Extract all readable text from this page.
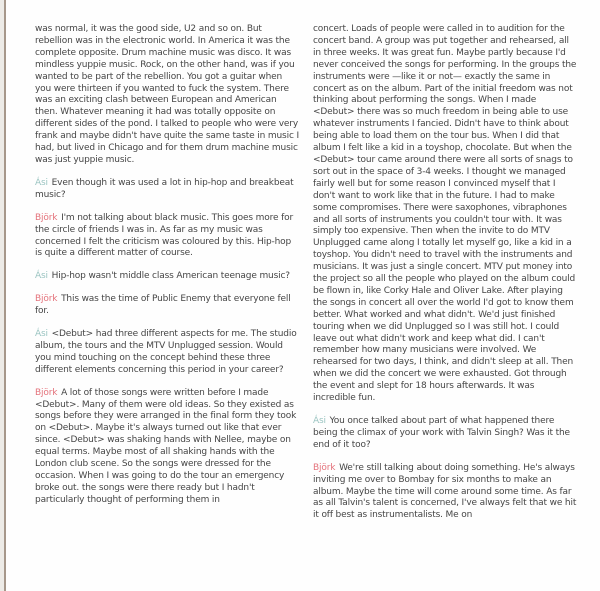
was normal, it was the good side, U2 and so on. But rebellion was in the electronic world. In America it was the complete opposite. Drum machine music was disco. It was mindless yuppie music. Rock, on the other hand, was if you wanted to be part of the rebellion. You got a guitar when you were thirteen if you wanted to fuck the system. There was an exciting clash between European and American then. Whatever meaning it had was totally opposite on different sides of the pond. I talked to people who were very frank and maybe didn't have quite the same taste in music I had, but lived in Chicago and for them drum machine music was just yuppie music.

Ási Even though it was used a lot in hip-hop and breakbeat music?

Björk I'm not talking about black music. This goes more for the circle of friends I was in. As far as my music was concerned I felt the criticism was coloured by this. Hip-hop is quite a different matter of course.

Ási Hip-hop wasn't middle class American teenage music?

Björk This was the time of Public Enemy that everyone fell for.

Ási <Debut> had three different aspects for me. The studio album, the tours and the MTV Unplugged session. Would you mind touching on the concept behind these three different elements concerning this period in your career?

Björk A lot of those songs were written before I made <Debut>. Many of them were old ideas. So they existed as songs before they were arranged in the final form they took on <Debut>. Maybe it's always turned out like that ever since. <Debut> was shaking hands with Nellee, maybe on equal terms. Maybe most of all shaking hands with the London club scene. So the songs were dressed for the occasion. When I was going to do the tour an emergency broke out. the songs were there ready but I hadn't particularly thought of performing them in

concert. Loads of people were called in to audition for the concert band. A group was put together and rehearsed, all in three weeks. It was great fun. Maybe partly because I'd never conceived the songs for performing. In the groups the instruments were —like it or not— exactly the same in concert as on the album. Part of the initial freedom was not thinking about performing the songs. When I made <Debut> there was so much freedom in being able to use whatever instruments I fancied. Didn't have to think about being able to load them on the tour bus. When I did that album I felt like a kid in a toyshop, chocolate. But when the <Debut> tour came around there were all sorts of snags to sort out in the space of 3-4 weeks. I thought we managed fairly well but for some reason I convinced myself that I don't want to work like that in the future. I had to make some compromises. There were saxophones, vibraphones and all sorts of instruments you couldn't tour with. It was simply too expensive. Then when the invite to do MTV Unplugged came along I totally let myself go, like a kid in a toyshop. You didn't need to travel with the instruments and musicians. It was just a single concert. MTV put money into the project so all the people who played on the album could be flown in, like Corky Hale and Oliver Lake. After playing the songs in concert all over the world I'd got to know them better. What worked and what didn't. We'd just finished touring when we did Unplugged so I was still hot. I could leave out what didn't work and keep what did. I can't remember how many musicians were involved. We rehearsed for two days, I think, and didn't sleep at all. Then when we did the concert we were exhausted. Got through the event and slept for 18 hours afterwards. It was incredible fun.

Ási You once talked about part of what happened there being the climax of your work with Talvin Singh? Was it the end of it too?

Björk We're still talking about doing something. He's always inviting me over to Bombay for six months to make an album. Maybe the time will come around some time. As far as all Talvin's talent is concerned, I've always felt that we hit it off best as instrumentalists. Me on
